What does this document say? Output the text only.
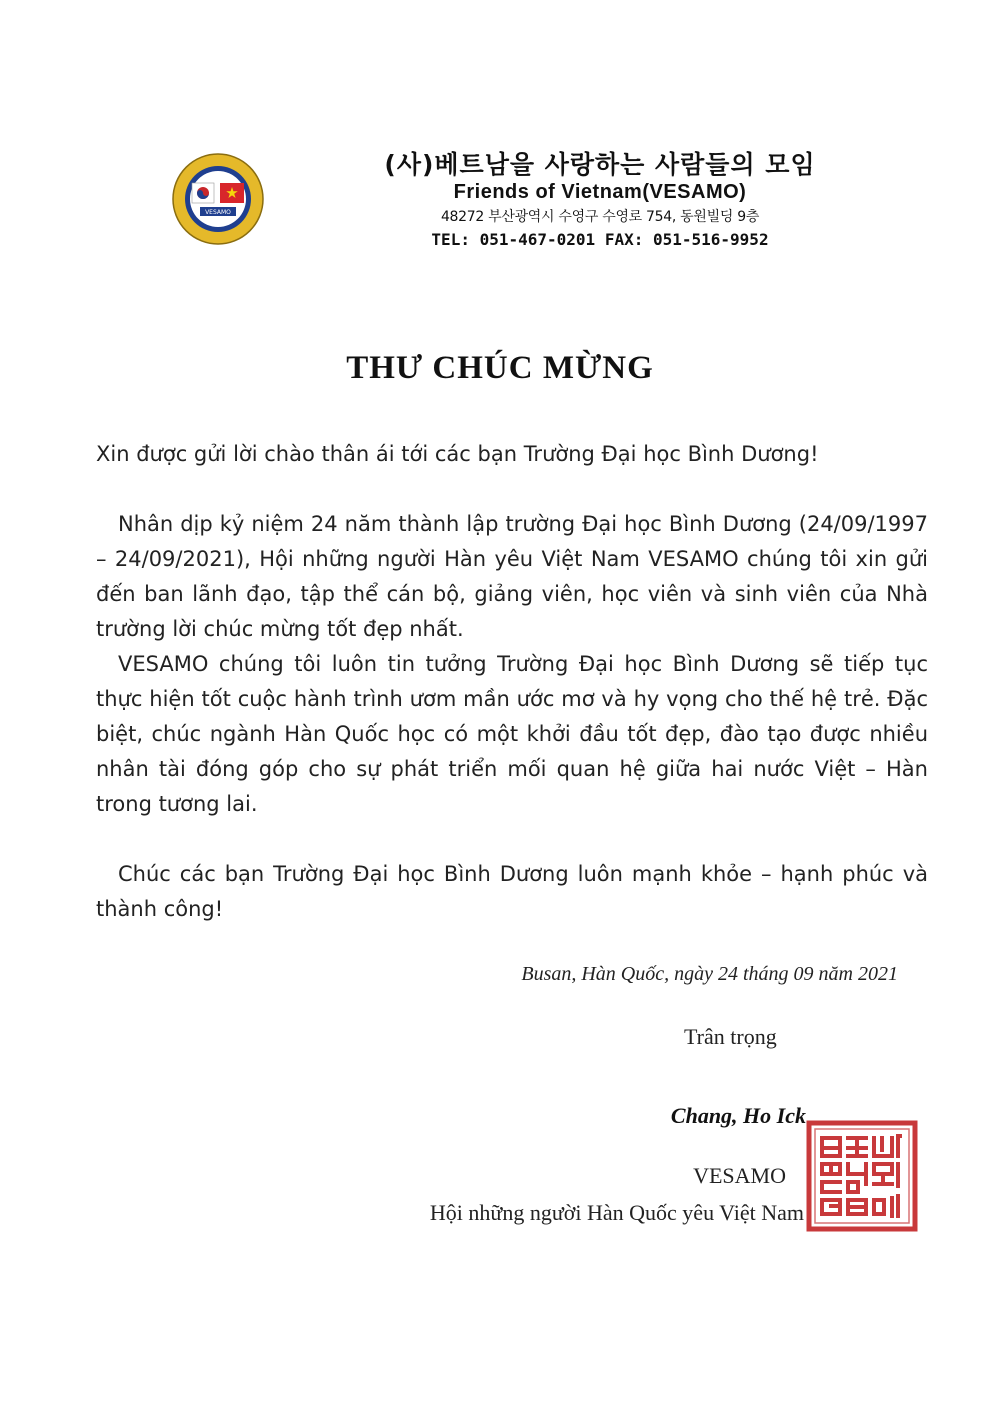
VESAMO

(사)베트남을 사랑하는 사람들의 모임

Friends of Vietnam(VESAMO)

48272 부산광역시 수영구 수영로 754, 동원빌딩 9층

TEL: 051-467-0201 FAX: 051-516-9952

THƯ CHÚC MỪNG

Xin được gửi lời chào thân ái tới các bạn Trường Đại học Bình Dương!

Nhân dịp kỷ niệm 24 năm thành lập trường Đại học Bình Dương (24/09/1997 – 24/09/2021), Hội những người Hàn yêu Việt Nam VESAMO chúng tôi xin gửi đến ban lãnh đạo, tập thể cán bộ, giảng viên, học viên và sinh viên của Nhà trường lời chúc mừng tốt đẹp nhất.

VESAMO chúng tôi luôn tin tưởng Trường Đại học Bình Dương sẽ tiếp tục thực hiện tốt cuộc hành trình ươm mần ước mơ và hy vọng cho thế hệ trẻ. Đặc biệt, chúc ngành Hàn Quốc học có một khởi đầu tốt đẹp, đào tạo được nhiều nhân tài đóng góp cho sự phát triển mối quan hệ giữa hai nước Việt – Hàn trong tương lai.

Chúc các bạn Trường Đại học Bình Dương luôn mạnh khỏe – hạnh phúc và thành công!

Busan, Hàn Quốc, ngày 24 tháng 09 năm 2021

Trân trọng

Chang, Ho Ick

VESAMO

Hội những người Hàn Quốc yêu Việt Nam
